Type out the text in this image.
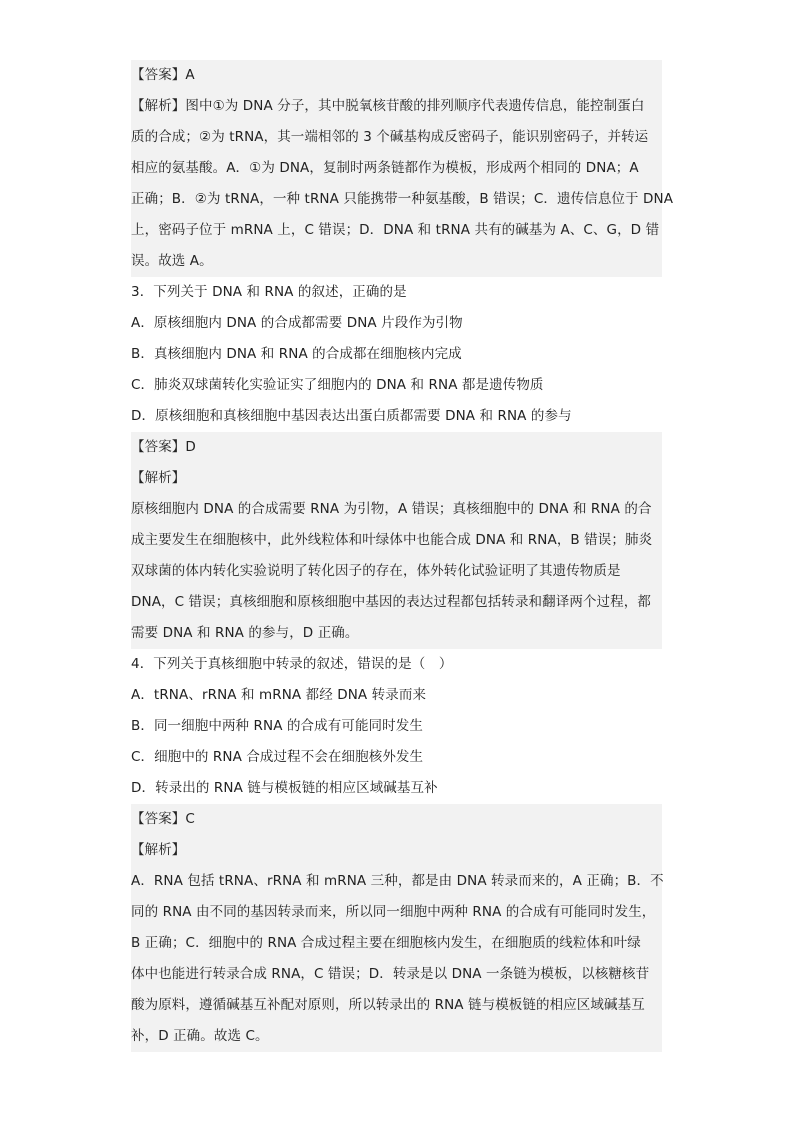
【答案】A
【解析】图中①为 DNA 分子，其中脱氧核苷酸的排列顺序代表遗传信息，能控制蛋白
质的合成；②为 tRNA，其一端相邻的 3 个碱基构成反密码子，能识别密码子，并转运
相应的氨基酸。A．①为 DNA，复制时两条链都作为模板，形成两个相同的 DNA；A
正确；B．②为 tRNA，一种 tRNA 只能携带一种氨基酸，B 错误；C．遗传信息位于 DNA
上，密码子位于 mRNA 上，C 错误；D．DNA 和 tRNA 共有的碱基为 A、C、G，D 错
误。故选 A。
3．下列关于 DNA 和 RNA 的叙述，正确的是
A．原核细胞内 DNA 的合成都需要 DNA 片段作为引物
B．真核细胞内 DNA 和 RNA 的合成都在细胞核内完成
C．肺炎双球菌转化实验证实了细胞内的 DNA 和 RNA 都是遗传物质
D．原核细胞和真核细胞中基因表达出蛋白质都需要 DNA 和 RNA 的参与
【答案】D
【解析】
原核细胞内 DNA 的合成需要 RNA 为引物，A 错误；真核细胞中的 DNA 和 RNA 的合
成主要发生在细胞核中，此外线粒体和叶绿体中也能合成 DNA 和 RNA，B 错误；肺炎
双球菌的体内转化实验说明了转化因子的存在，体外转化试验证明了其遗传物质是
DNA，C 错误；真核细胞和原核细胞中基因的表达过程都包括转录和翻译两个过程，都
需要 DNA 和 RNA 的参与，D 正确。
4．下列关于真核细胞中转录的叙述，错误的是（　）
A．tRNA、rRNA 和 mRNA 都经 DNA 转录而来
B．同一细胞中两种 RNA 的合成有可能同时发生
C．细胞中的 RNA 合成过程不会在细胞核外发生
D．转录出的 RNA 链与模板链的相应区域碱基互补
【答案】C
【解析】
A．RNA 包括 tRNA、rRNA 和 mRNA 三种，都是由 DNA 转录而来的，A 正确；B．不
同的 RNA 由不同的基因转录而来，所以同一细胞中两种 RNA 的合成有可能同时发生，
B 正确；C．细胞中的 RNA 合成过程主要在细胞核内发生，在细胞质的线粒体和叶绿
体中也能进行转录合成 RNA，C 错误；D．转录是以 DNA 一条链为模板，以核糖核苷
酸为原料，遵循碱基互补配对原则，所以转录出的 RNA 链与模板链的相应区域碱基互
补，D 正确。故选 C。
